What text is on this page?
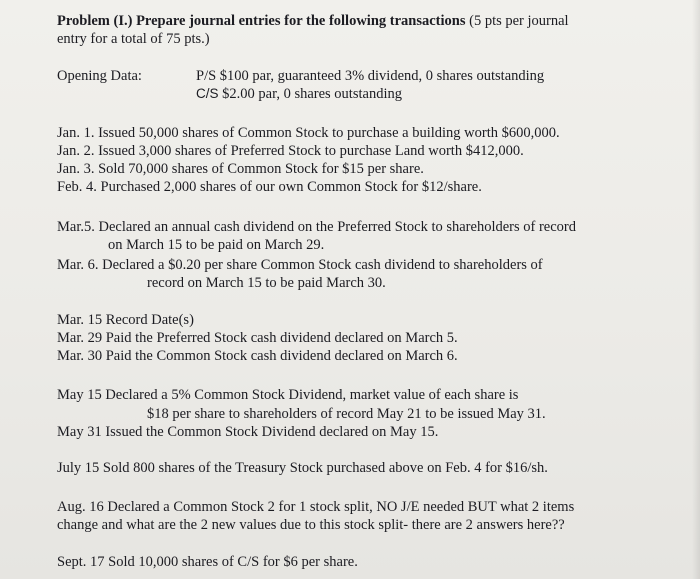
Problem (I.) Prepare journal entries for the following transactions (5 pts per journal
entry for a total of 75 pts.)
Opening Data:	P/S $100 par, guaranteed 3% dividend, 0 shares outstanding
C/S $2.00 par, 0 shares outstanding
Jan. 1. Issued 50,000 shares of Common Stock to purchase a building worth $600,000.
Jan. 2. Issued 3,000 shares of Preferred Stock to purchase Land worth $412,000.
Jan. 3. Sold 70,000 shares of Common Stock for $15 per share.
Feb. 4. Purchased 2,000 shares of our own Common Stock for $12/share.
Mar.5. Declared an annual cash dividend on the Preferred Stock to shareholders of record
on March 15 to be paid on March 29.
Mar. 6. Declared a $0.20 per share Common Stock cash dividend to shareholders of
record on March 15 to be paid March 30.
Mar. 15 Record Date(s)
Mar. 29 Paid the Preferred Stock cash dividend declared on March 5.
Mar. 30 Paid the Common Stock cash dividend declared on March 6.
May 15 Declared a 5% Common Stock Dividend, market value of each share is
$18 per share to shareholders of record May 21 to be issued May 31.
May 31 Issued the Common Stock Dividend declared on May 15.
July 15 Sold 800 shares of the Treasury Stock purchased above on Feb. 4 for $16/sh.
Aug. 16 Declared a Common Stock 2 for 1 stock split, NO J/E needed BUT what 2 items
change and what are the 2 new values due to this stock split- there are 2 answers here??
Sept. 17 Sold 10,000 shares of C/S for $6 per share.
